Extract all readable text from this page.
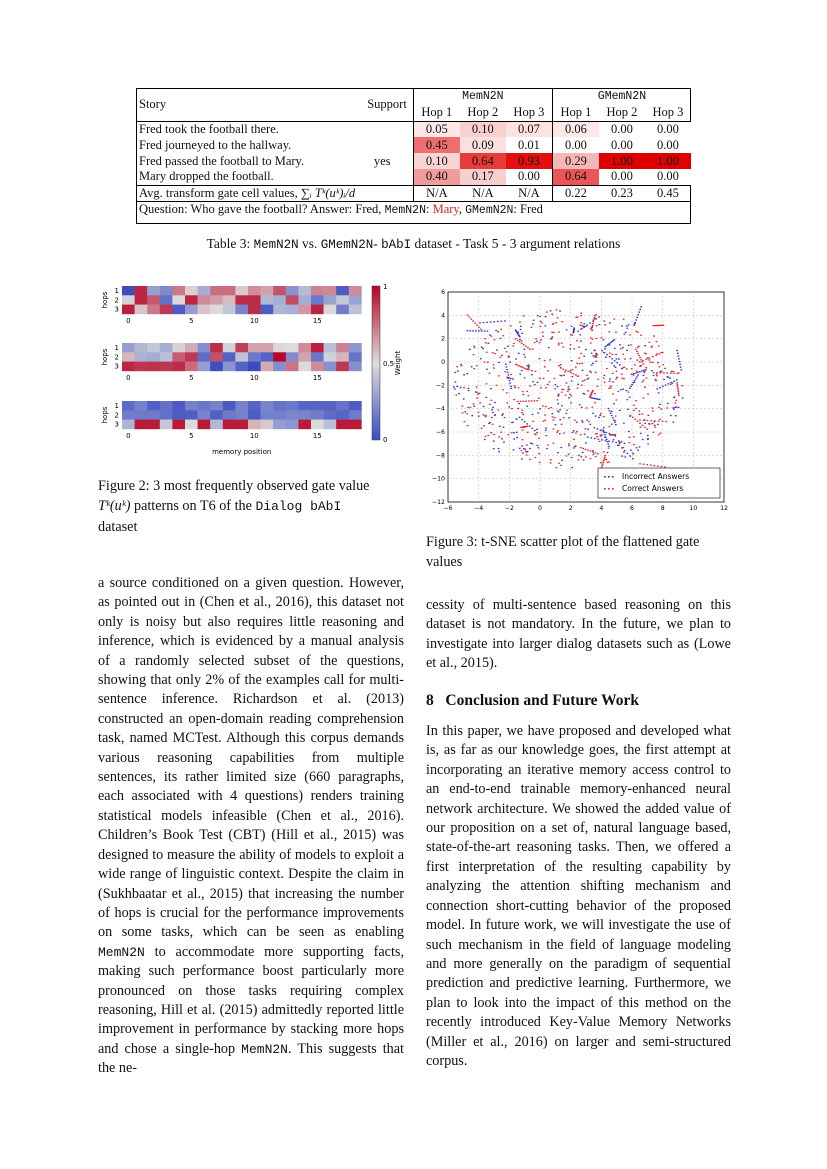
Story	Support	MemN2N			GMemN2N		
		Hop 1	Hop 2	Hop 3	Hop 1	Hop 2	Hop 3
Fred took the football there.		0.05	0.10	0.07	0.06	0.00	0.00
Fred journeyed to the hallway.		0.45	0.09	0.01	0.00	0.00	0.00
Fred passed the football to Mary.	yes	0.10	0.64	0.93	0.29	1.00	1.00
Mary dropped the football.		0.40	0.17	0.00	0.64	0.00	0.00
Avg. transform gate cell values, ∑ᵢ Tᵏ(uᵏ)ᵢ/d		N/A	N/A	N/A	0.22	0.23	0.45
Question: Who gave the football? Answer: Fred, MemN2N: Mary, GMemN2N: Fred							
Table 3: MemN2N vs. GMemN2N- bAbI dataset - Task 5 - 3 argument relations
1
2
3
hops
0	5	10	15
1
2
3
hops
0	5	10	15
1
2
3
hops
0	5	10	15
memory position
1
0.5
0
Weight
Figure 2: 3 most frequently observed gate value
Tᵏ(uᵏ) patterns on T6 of the Dialog bAbI
dataset
−6	−4	−2	0	2	4	6	8	10	12
6
4
2
0
−2
−4
−6
−8
−10
−12
Incorrect Answers
Correct Answers
Figure 3: t-SNE scatter plot of the flattened gate values

a source conditioned on a given question. However, as pointed out in (Chen et al., 2016), this dataset not only is noisy but also requires little reasoning and inference, which is evidenced by a manual analysis of a randomly selected subset of the questions, showing that only 2% of the examples call for multi-sentence inference. Richardson et al. (2013) constructed an open-domain reading comprehension task, named MCTest. Although this corpus demands various reasoning capabilities from multiple sentences, its rather limited size (660 paragraphs, each associated with 4 questions) renders training statistical models infeasible (Chen et al., 2016). Children’s Book Test (CBT) (Hill et al., 2015) was designed to measure the ability of models to exploit a wide range of linguistic context. Despite the claim in (Sukhbaatar et al., 2015) that increasing the number of hops is crucial for the performance improvements on some tasks, which can be seen as enabling MemN2N to accommodate more supporting facts, making such performance boost particularly more pronounced on those tasks requiring complex reasoning, Hill et al. (2015) admittedly reported little improvement in performance by stacking more hops and chose a single-hop MemN2N. This suggests that the ne-

cessity of multi-sentence based reasoning on this dataset is not mandatory. In the future, we plan to investigate into larger dialog datasets such as (Lowe et al., 2015).

8 Conclusion and Future Work

In this paper, we have proposed and developed what is, as far as our knowledge goes, the first attempt at incorporating an iterative memory access control to an end-to-end trainable memory-enhanced neural network architecture. We showed the added value of our proposition on a set of, natural language based, state-of-the-art reasoning tasks. Then, we offered a first interpretation of the resulting capability by analyzing the attention shifting mechanism and connection short-cutting behavior of the proposed model. In future work, we will investigate the use of such mechanism in the field of language modeling and more generally on the paradigm of sequential prediction and predictive learning. Furthermore, we plan to look into the impact of this method on the recently introduced Key-Value Memory Networks (Miller et al., 2016) on larger and semi-structured corpus.
